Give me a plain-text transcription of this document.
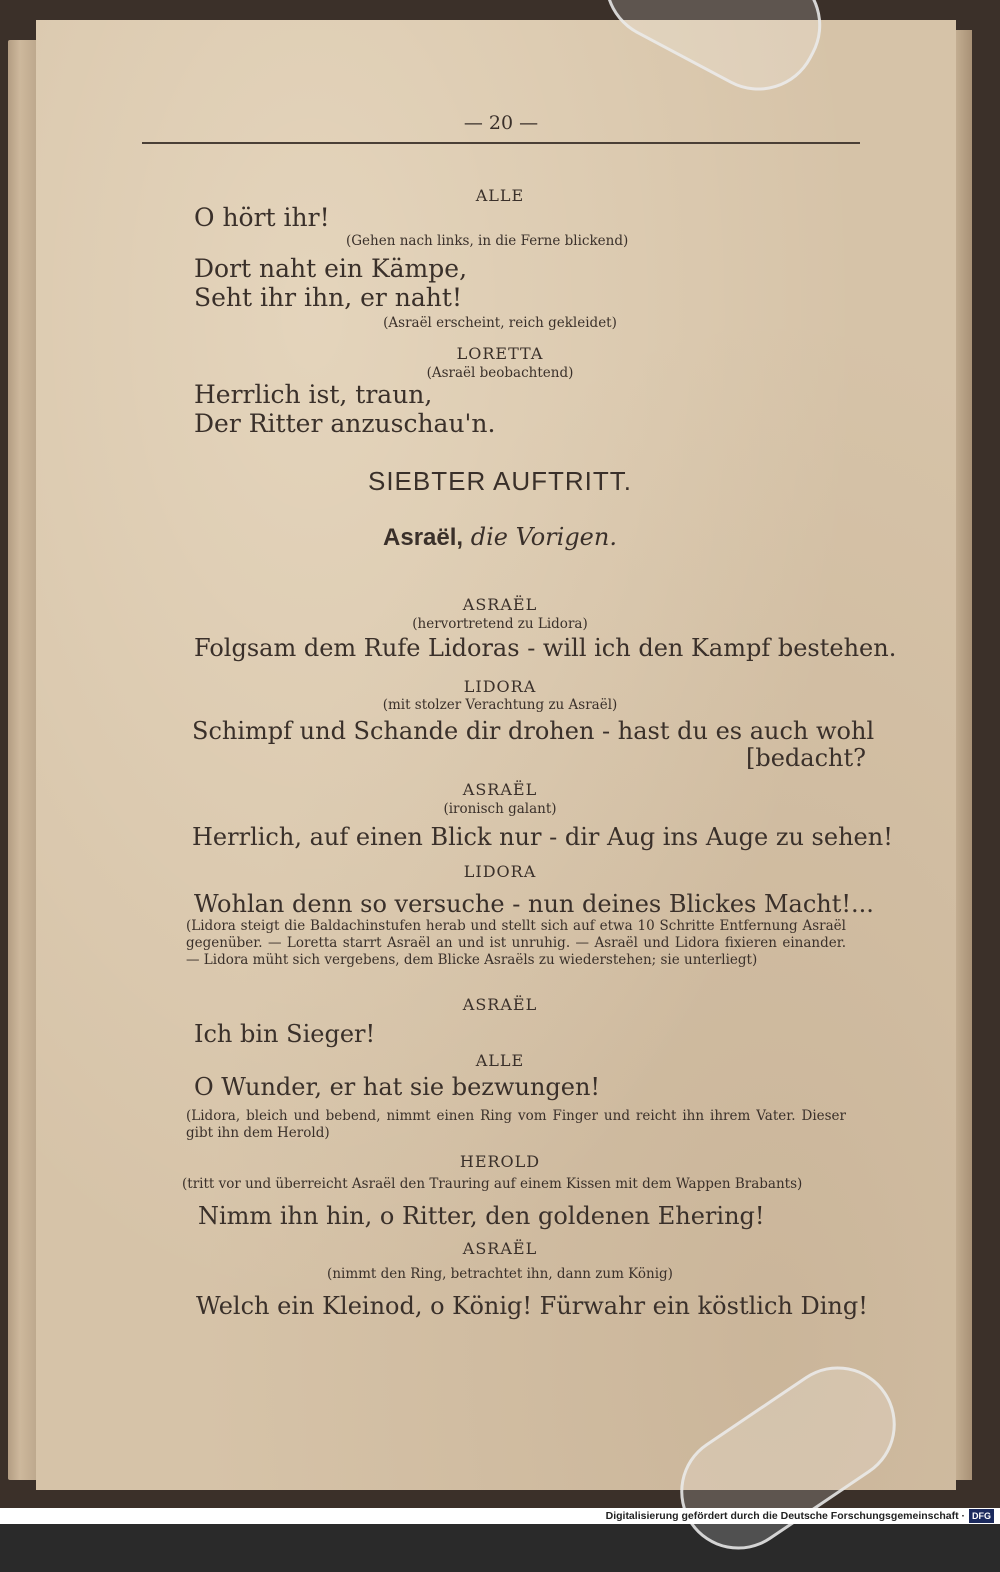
— 20 —
ALLE
O hört ihr!
(Gehen nach links, in die Ferne blickend)
Dort naht ein Kämpe,
Seht ihr ihn, er naht!
(Asraël erscheint, reich gekleidet)
LORETTA
(Asraël beobachtend)
Herrlich ist, traun,
Der Ritter anzuschau'n.
SIEBTER AUFTRITT.
Asraël, die Vorigen.
ASRAËL
(hervortretend zu Lidora)
Folgsam dem Rufe Lidoras - will ich den Kampf bestehen.
LIDORA
(mit stolzer Verachtung zu Asraël)
Schimpf und Schande dir drohen - hast du es auch wohl
[bedacht?
ASRAËL
(ironisch galant)
Herrlich, auf einen Blick nur - dir Aug ins Auge zu sehen!
LIDORA
Wohlan denn so versuche - nun deines Blickes Macht!...
(Lidora steigt die Baldachinstufen herab und stellt sich auf etwa 10 Schritte Entfernung Asraël gegenüber. — Loretta starrt Asraël an und ist unruhig. — Asraël und Lidora fixieren einander. — Lidora müht sich vergebens, dem Blicke Asraëls zu wiederstehen; sie unterliegt)
ASRAËL
Ich bin Sieger!
ALLE
O Wunder, er hat sie bezwungen!
(Lidora, bleich und bebend, nimmt einen Ring vom Finger und reicht ihn ihrem Vater. Dieser gibt ihn dem Herold)
HEROLD
(tritt vor und überreicht Asraël den Trauring auf einem Kissen mit dem Wappen Brabants)
Nimm ihn hin, o Ritter, den goldenen Ehering!
ASRAËL
(nimmt den Ring, betrachtet ihn, dann zum König)
Welch ein Kleinod, o König! Fürwahr ein köstlich Ding!
Digitalisierung gefördert durch die Deutsche Forschungsgemeinschaft · DFG
